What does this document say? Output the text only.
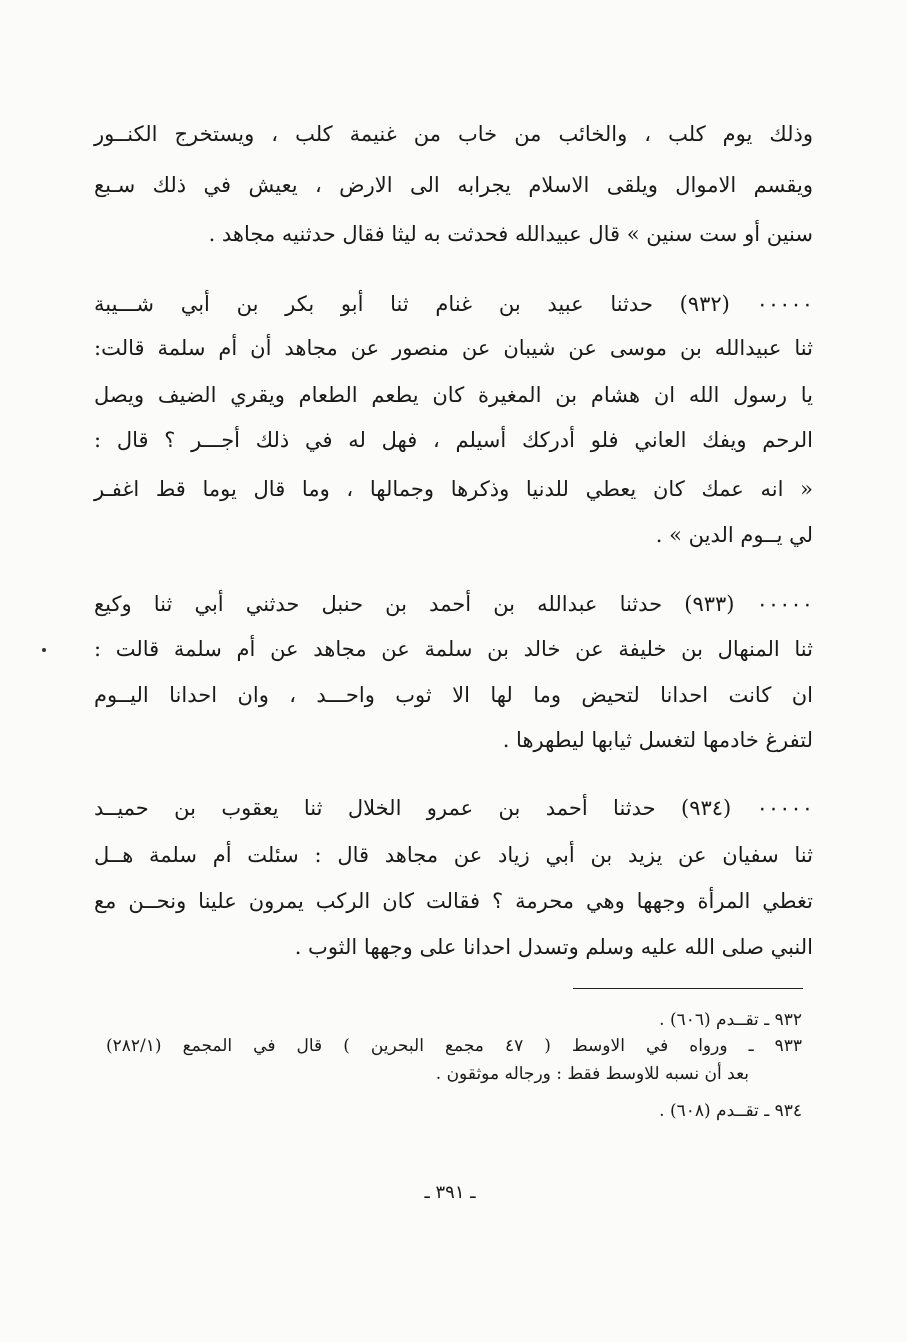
وذلك يوم كلب ، والخائب من خاب من غنيمة كلب ، ويستخرج الكنــور
ويقسم الاموال ويلقى الاسلام يجرابه الى الارض ، يعيش في ذلك سـبع
سنين أو ست سنين » قال عبيدالله فحدثت به ليثا فقال حدثنيه مجاهد .
٠٠٠٠٠ (٩٣٢) حدثنا عبيد بن غنام ثنا أبو بكر بن أبي شـــيبة
ثنا عبيدالله بن موسى عن شيبان عن منصور عن مجاهد أن أم سلمة قالت:
يا رسول الله ان هشام بن المغيرة كان يطعم الطعام ويقري الضيف ويصل
الرحم ويفك العاني فلو أدركك أسيلم ، فهل له في ذلك أجـــر ؟ قال :
« انه عمك كان يعطي للدنيا وذكرها وجمالها ، وما قال يوما قط اغفـر
لي يــوم الدين » .
٠٠٠٠٠ (٩٣٣) حدثنا عبدالله بن أحمد بن حنبل حدثني أبي ثنا وكيع
ثنا المنهال بن خليفة عن خالد بن سلمة عن مجاهد عن أم سلمة قالت :
ان كانت احدانا لتحيض وما لها الا ثوب واحـــد ، وان احدانا اليــوم
لتفرغ خادمها لتغسل ثيابها ليطهرها .
٠٠٠٠٠ (٩٣٤) حدثنا أحمد بن عمرو الخلال ثنا يعقوب بن حميــد
ثنا سفيان عن يزيد بن أبي زياد عن مجاهد قال : سئلت أم سلمة هــل
تغطي المرأة وجهها وهي محرمة ؟ فقالت كان الركب يمرون علينا ونحــن مع
النبي صلى الله عليه وسلم وتسدل احدانا على وجهها الثوب .
٩٣٢ ـ تقــدم (٦٠٦) .
٩٣٣ ـ ورواه في الاوسط ( ٤٧ مجمع البحرين ) قال في المجمع (٢٨٢/١)
بعد أن نسبه للاوسط فقط : ورجاله موثقون .
٩٣٤ ـ تقــدم (٦٠٨) .
ـ ٣٩١ ـ
